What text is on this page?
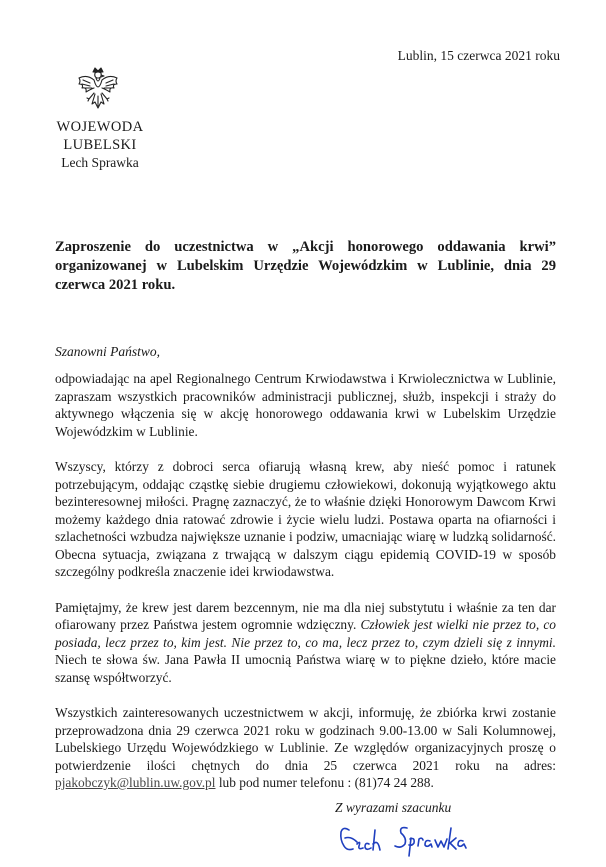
Lublin, 15 czerwca 2021 roku
WOJEWODA LUBELSKI
Lech Sprawka
Zaproszenie do uczestnictwa w „Akcji honorowego oddawania krwi” organizowanej w Lubelskim Urzędzie Wojewódzkim w Lublinie, dnia 29 czerwca 2021 roku.
Szanowni Państwo,

odpowiadając na apel Regionalnego Centrum Krwiodawstwa i Krwiolecznictwa w Lublinie, zapraszam wszystkich pracowników administracji publicznej, służb, inspekcji i straży do aktywnego włączenia się w akcję honorowego oddawania krwi w Lubelskim Urzędzie Wojewódzkim w Lublinie.

Wszyscy, którzy z dobroci serca ofiarują własną krew, aby nieść pomoc i ratunek potrzebującym, oddając cząstkę siebie drugiemu człowiekowi, dokonują wyjątkowego aktu bezinteresownej miłości. Pragnę zaznaczyć, że to właśnie dzięki Honorowym Dawcom Krwi możemy każdego dnia ratować zdrowie i życie wielu ludzi. Postawa oparta na ofiarności i szlachetności wzbudza największe uznanie i podziw, umacniając wiarę w ludzką solidarność. Obecna sytuacja, związana z trwającą w dalszym ciągu epidemią COVID-19 w sposób szczególny podkreśla znaczenie idei krwiodawstwa.

Pamiętajmy, że krew jest darem bezcennym, nie ma dla niej substytutu i właśnie za ten dar ofiarowany przez Państwa jestem ogromnie wdzięczny. Człowiek jest wielki nie przez to, co posiada, lecz przez to, kim jest. Nie przez to, co ma, lecz przez to, czym dzieli się z innymi. Niech te słowa św. Jana Pawła II umocnią Państwa wiarę w to piękne dzieło, które macie szansę współtworzyć.

Wszystkich zainteresowanych uczestnictwem w akcji, informuję, że zbiórka krwi zostanie przeprowadzona dnia 29 czerwca 2021 roku w godzinach 9.00-13.00 w Sali Kolumnowej, Lubelskiego Urzędu Wojewódzkiego w Lublinie. Ze względów organizacyjnych proszę o potwierdzenie ilości chętnych do dnia 25 czerwca 2021 roku na adres: pjakobczyk@lublin.uw.gov.pl lub pod numer telefonu : (81)74 24 288.

Z wyrazami szacunku
